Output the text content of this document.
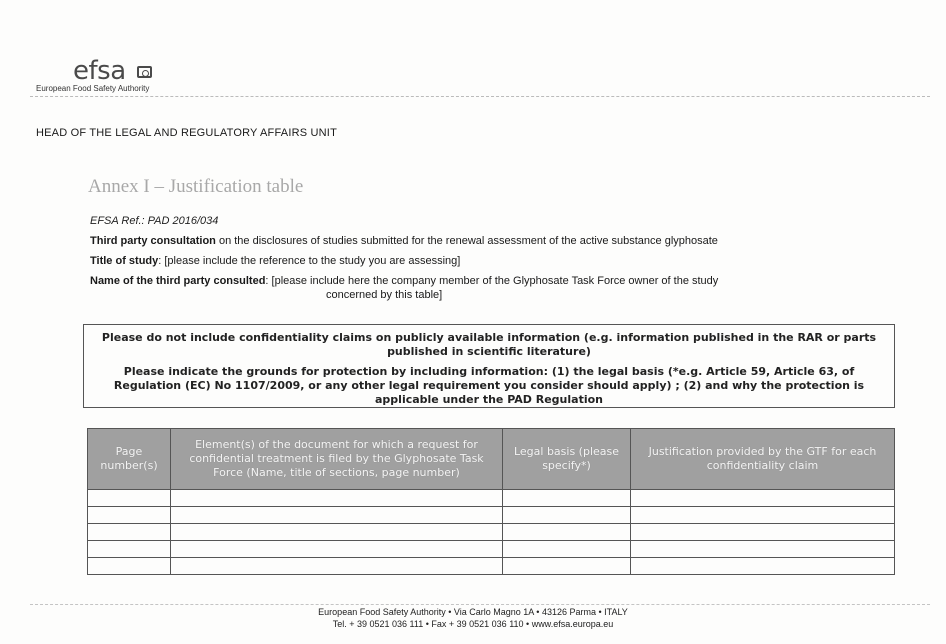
efsa
European Food Safety Authority
HEAD OF THE LEGAL AND REGULATORY AFFAIRS UNIT
Annex I – Justification table
EFSA Ref.: PAD 2016/034
Third party consultation on the disclosures of studies submitted for the renewal assessment of the active substance glyphosate
Title of study: [please include the reference to the study you are assessing]
Name of the third party consulted: [please include here the company member of the Glyphosate Task Force owner of the study
concerned by this table]

Please do not include confidentiality claims on publicly available information (e.g. information published in the RAR or parts published in scientific literature)

Please indicate the grounds for protection by including information: (1) the legal basis (*e.g. Article 59, Article 63, of Regulation (EC) No 1107/2009, or any other legal requirement you consider should apply) ; (2) and why the protection is applicable under the PAD Regulation

Page number(s)	Element(s) of the document for which a request for confidential treatment is filed by the Glyphosate Task Force (Name, title of sections, page number)	Legal basis (please specify*)	Justification provided by the GTF for each confidentiality claim

European Food Safety Authority • Via Carlo Magno 1A • 43126 Parma • ITALY
Tel. + 39 0521 036 111 • Fax + 39 0521 036 110 • www.efsa.europa.eu
